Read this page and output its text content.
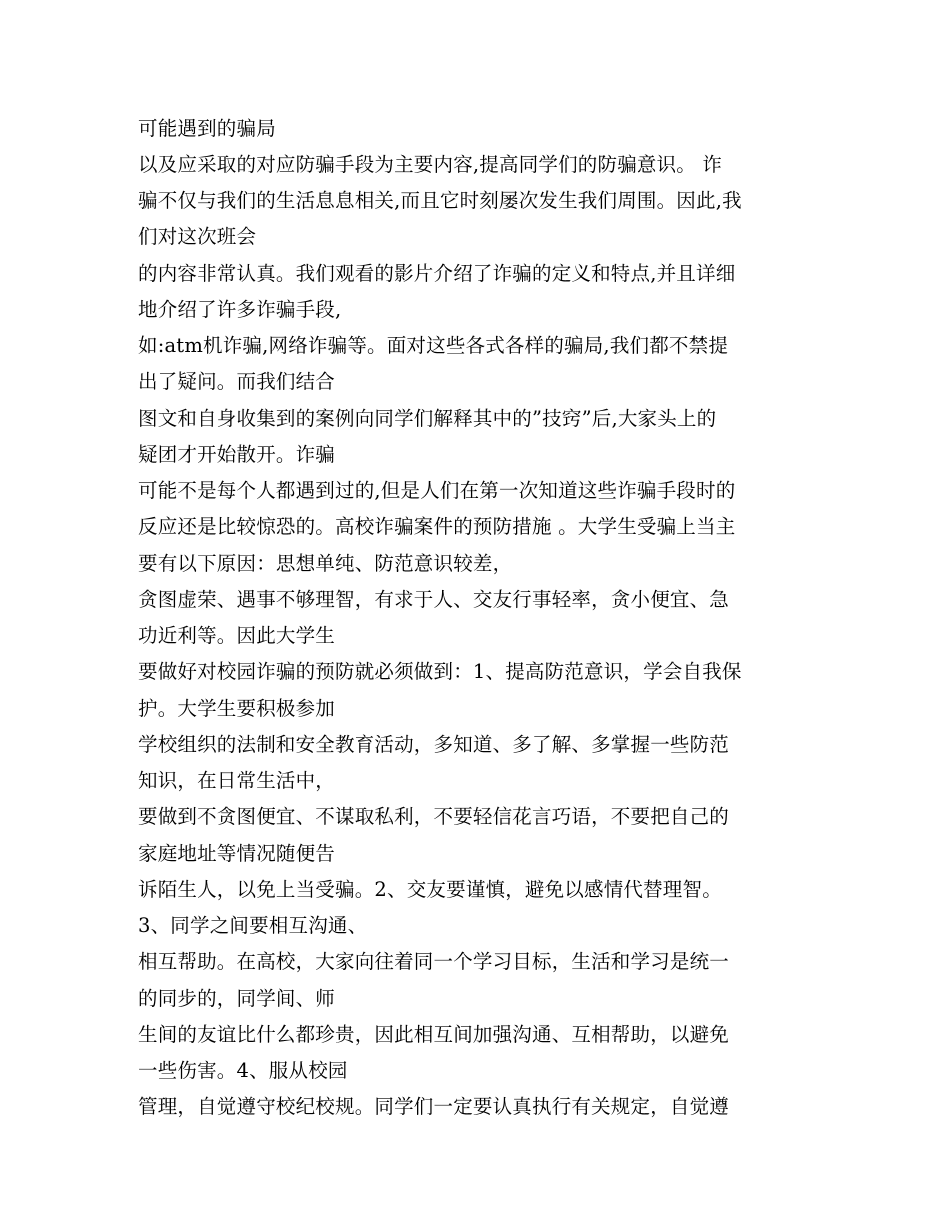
可能遇到的骗局
以及应采取的对应防骗手段为主要内容,提高同学们的防骗意识。 诈
骗不仅与我们的生活息息相关,而且它时刻屡次发生我们周围。因此,我
们对这次班会
的内容非常认真。我们观看的影片介绍了诈骗的定义和特点,并且详细
地介绍了许多诈骗手段,
如:atm机诈骗,网络诈骗等。面对这些各式各样的骗局,我们都不禁提
出了疑问。而我们结合
图文和自身收集到的案例向同学们解释其中的”技窍”后,大家头上的
疑团才开始散开。诈骗
可能不是每个人都遇到过的,但是人们在第一次知道这些诈骗手段时的
反应还是比较惊恐的。高校诈骗案件的预防措施 。大学生受骗上当主
要有以下原因：思想单纯、防范意识较差，
贪图虚荣、遇事不够理智，有求于人、交友行事轻率，贪小便宜、急
功近利等。因此大学生
要做好对校园诈骗的预防就必须做到：1、提高防范意识，学会自我保
护。大学生要积极参加
学校组织的法制和安全教育活动，多知道、多了解、多掌握一些防范
知识，在日常生活中，
要做到不贪图便宜、不谋取私利，不要轻信花言巧语，不要把自己的
家庭地址等情况随便告
诉陌生人，以免上当受骗。2、交友要谨慎，避免以感情代替理智。
3、同学之间要相互沟通、
相互帮助。在高校，大家向往着同一个学习目标，生活和学习是统一
的同步的，同学间、师
生间的友谊比什么都珍贵，因此相互间加强沟通、互相帮助，以避免
一些伤害。4、服从校园
管理，自觉遵守校纪校规。同学们一定要认真执行有关规定，自觉遵
